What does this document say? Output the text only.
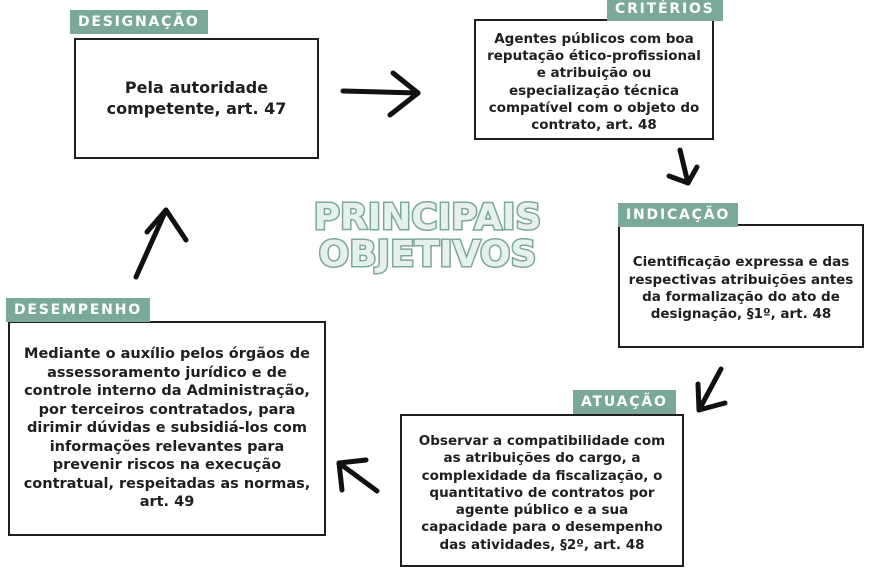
PRINCIPAIS
OBJETIVOS
Pela autoridade competente, art. 47
DESIGNAÇÃO
Agentes públicos com boa reputação ético-profissional e atribuição ou especialização técnica compatível com o objeto do contrato, art. 48
CRITÉRIOS
Cientificação expressa e das respectivas atribuições antes da formalização do ato de designação, §1º, art. 48
INDICAÇÃO
Observar a compatibilidade com as atribuições do cargo, a complexidade da fiscalização, o quantitativo de contratos por agente público e a sua capacidade para o desempenho das atividades, §2º, art. 48
ATUAÇÃO
Mediante o auxílio pelos órgãos de assessoramento jurídico e de controle interno da Administração, por terceiros contratados, para dirimir dúvidas e subsidiá-los com informações relevantes para prevenir riscos na execução contratual, respeitadas as normas, art. 49
DESEMPENHO
